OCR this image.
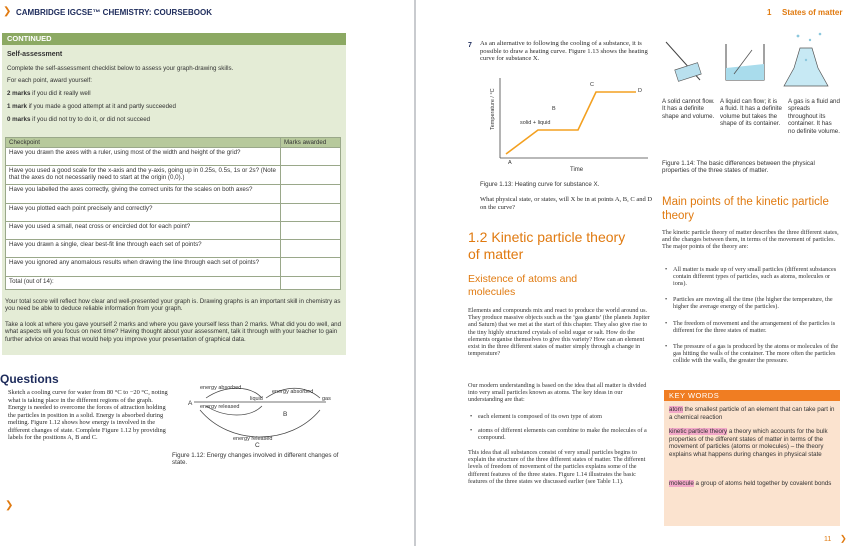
❯ CAMBRIDGE IGCSE™ CHEMISTRY: COURSEBOOK
CONTINUED
Self-assessment
Complete the self-assessment checklist below to assess your graph-drawing skills.
For each point, award yourself:
2 marks if you did it really well
1 mark if you made a good attempt at it and partly succeeded
0 marks if you did not try to do it, or did not succeed
Checkpoint	Marks awarded
Have you drawn the axes with a ruler, using most of the width and height of the grid?	
Have you used a good scale for the x-axis and the y-axis, going up in 0.25s, 0.5s, 1s or 2s? (Note that the axes do not necessarily need to start at the origin (0,0).)	
Have you labelled the axes correctly, giving the correct units for the scales on both axes?	
Have you plotted each point precisely and correctly?	
Have you used a small, neat cross or encircled dot for each point?	
Have you drawn a single, clear best-fit line through each set of points?	
Have you ignored any anomalous results when drawing the line through each set of points?	
Total (out of 14):	
Your total score will reflect how clear and well-presented your graph is. Drawing graphs is an important skill in chemistry as you need be able to deduce reliable information from your graph.
Take a look at where you gave yourself 2 marks and where you gave yourself less than 2 marks. What did you do well, and what aspects will you focus on next time? Having thought about your assessment, talk it through with your teacher to gain further advice on areas that would help you improve your presentation of graphical data.
Questions
Sketch a cooling curve for water from 80 °C to −20 °C, noting what is taking place in the different regions of the graph. Energy is needed to overcome the forces of attraction holding the particles in position in a solid. Energy is absorbed during melting. Figure 1.12 shows how energy is involved in the different changes of state. Complete Figure 1.12 by providing labels for the positions A, B and C.
A
B
C
liquid	gas
energy absorbed
energy absorbed
energy released
energy released
Figure 1.12: Energy changes involved in different changes of state.
❯
1 States of matter
7 As an alternative to following the cooling of a substance, it is possible to draw a heating curve. Figure 1.13 shows the heating curve for substance X.
Temperature / °C
Time
A
B
C
D
solid + liquid
Figure 1.13: Heating curve for substance X.
What physical state, or states, will X be in at points A, B, C and D on the curve?
1.2 Kinetic particle theory of matter
Existence of atoms and molecules
Elements and compounds mix and react to produce the world around us. They produce massive objects such as the ‘gas giants’ (the planets Jupiter and Saturn) that we met at the start of this chapter. They also give rise to the tiny highly structured crystals of solid sugar or salt. How do the elements organise themselves to give this variety? How can an element exist in the three different states of matter simply through a change in temperature?
Our modern understanding is based on the idea that all matter is divided into very small particles known as atoms. The key ideas in our understanding are that:
• each element is composed of its own type of atom
• atoms of different elements can combine to make the molecules of a compound.
This idea that all substances consist of very small particles begins to explain the structure of the three different states of matter. The different levels of freedom of movement of the particles explains some of the different features of the three states. Figure 1.14 illustrates the basic features of the three states we discussed earlier (see Table 1.1).
A solid cannot flow. It has a definite shape and volume.
A liquid can flow; it is a fluid. It has a definite volume but takes the shape of its container.
A gas is a fluid and spreads throughout its container. It has no definite volume.
Figure 1.14: The basic differences between the physical properties of the three states of matter.
Main points of the kinetic particle theory
The kinetic particle theory of matter describes the three different states, and the changes between them, in terms of the movement of particles. The major points of the theory are:
• All matter is made up of very small particles (different substances contain different types of particles, such as atoms, molecules or ions).
• Particles are moving all the time (the higher the temperature, the higher the average energy of the particles).
• The freedom of movement and the arrangement of the particles is different for the three states of matter.
• The pressure of a gas is produced by the atoms or molecules of the gas hitting the walls of the container. The more often the particles collide with the walls, the greater the pressure.
KEY WORDS
atom the smallest particle of an element that can take part in a chemical reaction
kinetic particle theory a theory which accounts for the bulk properties of the different states of matter in terms of the movement of particles (atoms or molecules) – the theory explains what happens during changes in physical state
molecule a group of atoms held together by covalent bonds
11 ❯
